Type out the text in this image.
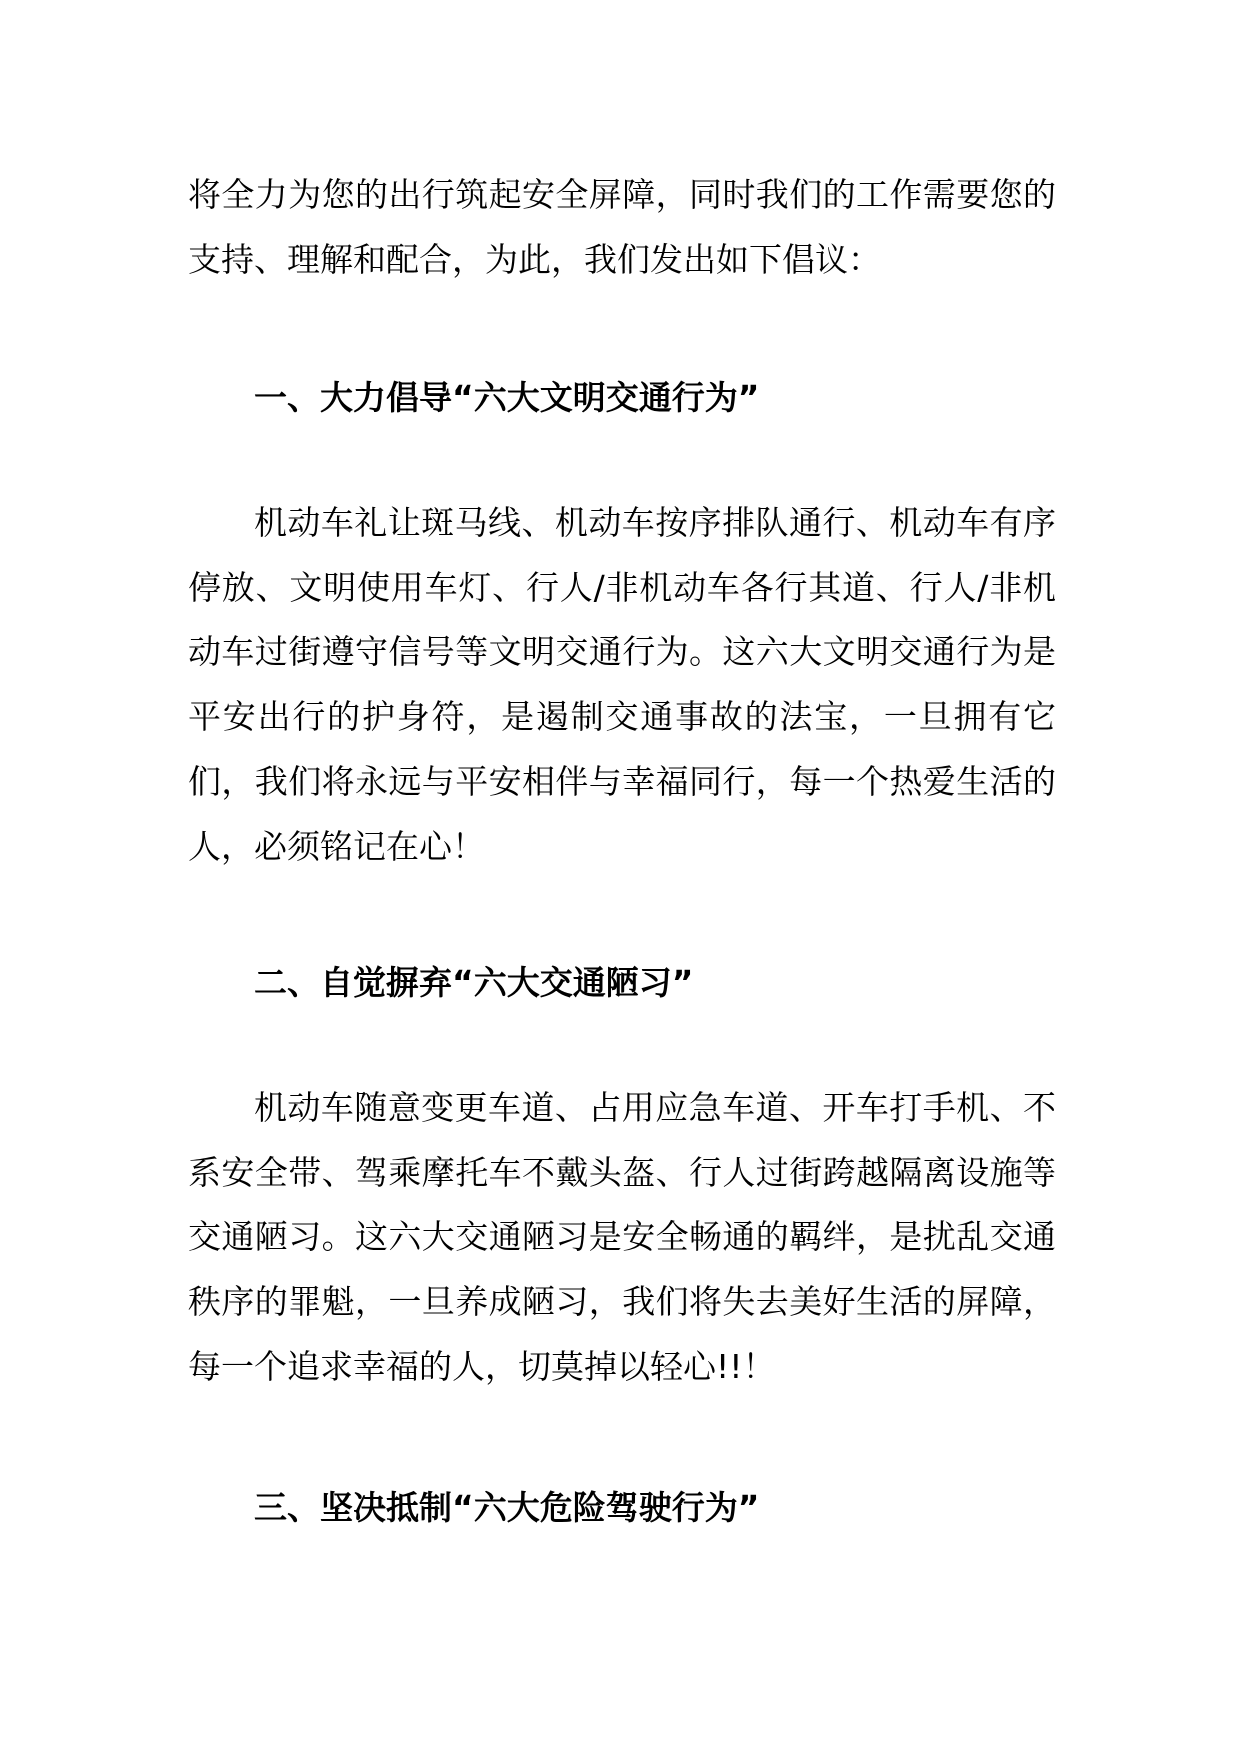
将全力为您的出行筑起安全屏障，同时我们的工作需要您的支持、理解和配合，为此，我们发出如下倡议：

一、大力倡导“六大文明交通行为”

机动车礼让斑马线、机动车按序排队通行、机动车有序停放、文明使用车灯、行人/非机动车各行其道、行人/非机动车过街遵守信号等文明交通行为。这六大文明交通行为是平安出行的护身符，是遏制交通事故的法宝，一旦拥有它们，我们将永远与平安相伴与幸福同行，每一个热爱生活的人，必须铭记在心！

二、自觉摒弃“六大交通陋习”

机动车随意变更车道、占用应急车道、开车打手机、不系安全带、驾乘摩托车不戴头盔、行人过街跨越隔离设施等交通陋习。这六大交通陋习是安全畅通的羁绊，是扰乱交通秩序的罪魁，一旦养成陋习，我们将失去美好生活的屏障，每一个追求幸福的人，切莫掉以轻心!!！

三、坚决抵制“六大危险驾驶行为”
